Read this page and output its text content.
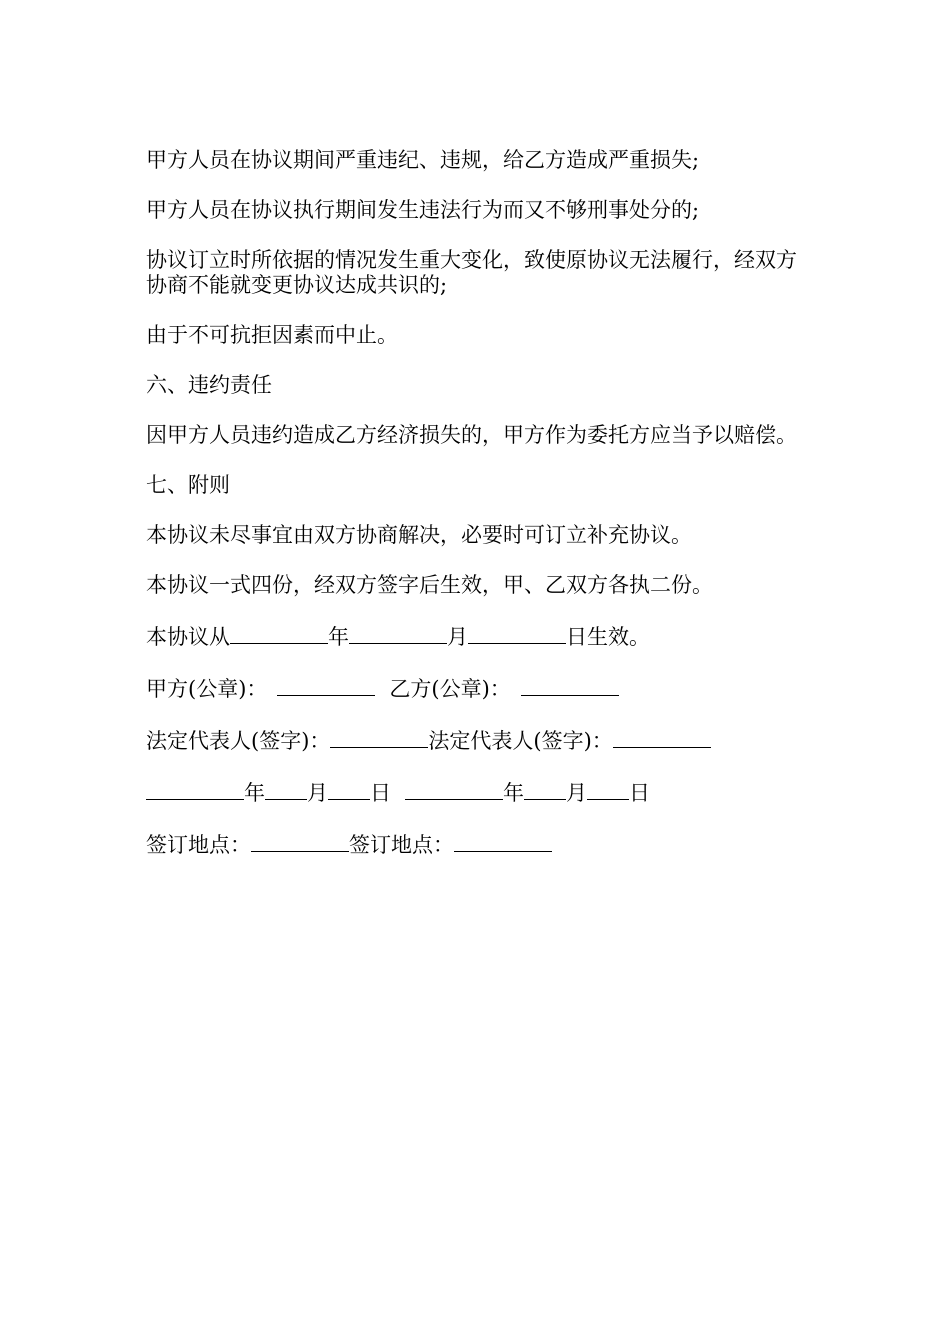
甲方人员在协议期间严重违纪、违规，给乙方造成严重损失;

甲方人员在协议执行期间发生违法行为而又不够刑事处分的;

协议订立时所依据的情况发生重大变化，致使原协议无法履行，经双方协商不能就变更协议达成共识的;

由于不可抗拒因素而中止。

六、违约责任

因甲方人员违约造成乙方经济损失的，甲方作为委托方应当予以赔偿。

七、附则

本协议未尽事宜由双方协商解决，必要时可订立补充协议。

本协议一式四份，经双方签字后生效，甲、乙双方各执二份。

本协议从	年	月	日生效。

甲方(公章)：	乙方(公章)：

法定代表人(签字)：	法定代表人(签字)：

年 月 日	年 月 日

签订地点：	签订地点：
